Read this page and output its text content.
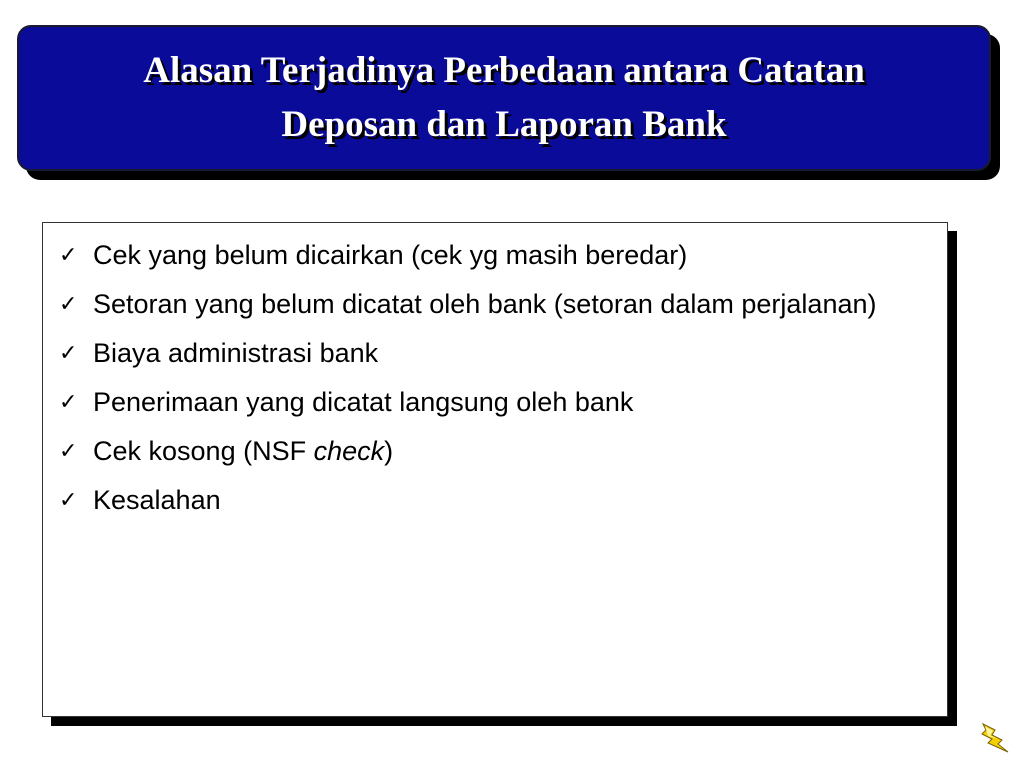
Alasan Terjadinya Perbedaan antara Catatan
Deposan dan Laporan Bank
✓ Cek yang belum dicairkan (cek yg masih beredar)
✓ Setoran yang belum dicatat oleh bank (setoran dalam perjalanan)
✓ Biaya administrasi bank
✓ Penerimaan yang dicatat langsung oleh bank
✓ Cek kosong (NSF check)
✓ Kesalahan
